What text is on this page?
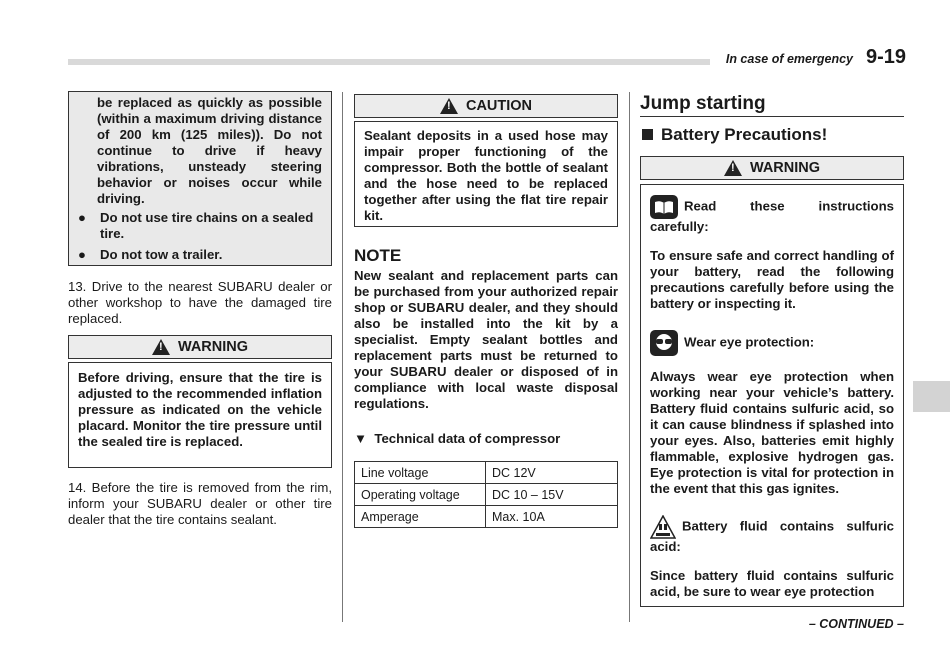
In case of emergency 9-19
be replaced as quickly as possible (within a maximum driving distance of 200 km (125 miles)). Do not continue to drive if heavy vibrations, unsteady steering behavior or noises occur while driving.
●	Do not use tire chains on a sealed tire.
●	Do not tow a trailer.
13. Drive to the nearest SUBARU dealer or other workshop to have the damaged tire replaced.
!
WARNING
Before driving, ensure that the tire is adjusted to the recommended inflation pressure as indicated on the vehicle placard. Monitor the tire pressure until the sealed tire is replaced.
14. Before the tire is removed from the rim, inform your SUBARU dealer or other tire dealer that the tire contains sealant.
!
CAUTION
Sealant deposits in a used hose may impair proper functioning of the compressor. Both the bottle of sealant and the hose need to be replaced together after using the flat tire repair kit.
NOTE
New sealant and replacement parts can be purchased from your authorized repair shop or SUBARU dealer, and they should also be installed into the kit by a specialist. Empty sealant bottles and replacement parts must be returned to your SUBARU dealer or disposed of in compliance with local waste disposal regulations.
▼  Technical data of compressor
Line voltage	DC 12V
Operating voltage	DC 10 – 15V
Amperage	Max. 10A
Jump starting
Battery Precautions!
!
WARNING
Read these instructions carefully:
To ensure safe and correct handling of your battery, read the following precautions carefully before using the battery or inspecting it.
Wear eye protection:
Always wear eye protection when working near your vehicle’s battery. Battery fluid contains sulfuric acid, so it can cause blindness if splashed into your eyes. Also, batteries emit highly flammable, explosive hydrogen gas. Eye protection is vital for protection in the event that this gas ignites.
Battery fluid contains sulfuric acid:
Since battery fluid contains sulfuric acid, be sure to wear eye protection
– CONTINUED –
